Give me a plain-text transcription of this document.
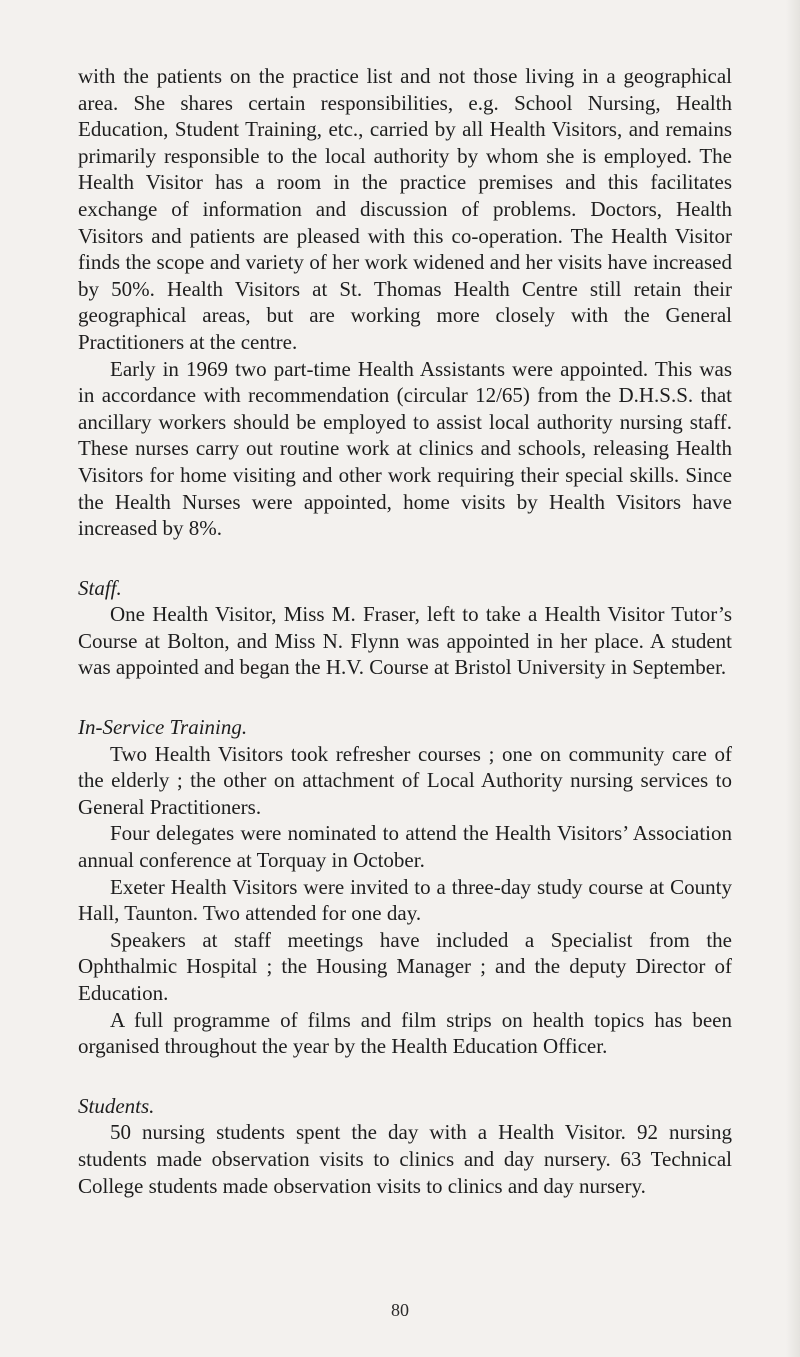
with the patients on the practice list and not those living in a geographical area. She shares certain responsibilities, e.g. School Nursing, Health Education, Student Training, etc., carried by all Health Visitors, and remains primarily responsible to the local authority by whom she is employed. The Health Visitor has a room in the practice premises and this facilitates exchange of information and discussion of problems. Doctors, Health Visitors and patients are pleased with this co-operation. The Health Visitor finds the scope and variety of her work widened and her visits have increased by 50%. Health Visitors at St. Thomas Health Centre still retain their geographical areas, but are working more closely with the General Practitioners at the centre.

Early in 1969 two part-time Health Assistants were appointed. This was in accordance with recommendation (circular 12/65) from the D.H.S.S. that ancillary workers should be employed to assist local authority nursing staff. These nurses carry out routine work at clinics and schools, releasing Health Visitors for home visiting and other work requiring their special skills. Since the Health Nurses were appointed, home visits by Health Visitors have increased by 8%.

Staff.

One Health Visitor, Miss M. Fraser, left to take a Health Visitor Tutor’s Course at Bolton, and Miss N. Flynn was appointed in her place. A student was appointed and began the H.V. Course at Bristol University in September.

In-Service Training.

Two Health Visitors took refresher courses ; one on community care of the elderly ; the other on attachment of Local Authority nursing services to General Practitioners.

Four delegates were nominated to attend the Health Visitors’ Association annual conference at Torquay in October.

Exeter Health Visitors were invited to a three-day study course at County Hall, Taunton. Two attended for one day.

Speakers at staff meetings have included a Specialist from the Ophthalmic Hospital ; the Housing Manager ; and the deputy Director of Education.

A full programme of films and film strips on health topics has been organised throughout the year by the Health Education Officer.

Students.

50 nursing students spent the day with a Health Visitor. 92 nursing students made observation visits to clinics and day nursery. 63 Technical College students made observation visits to clinics and day nursery.

80
